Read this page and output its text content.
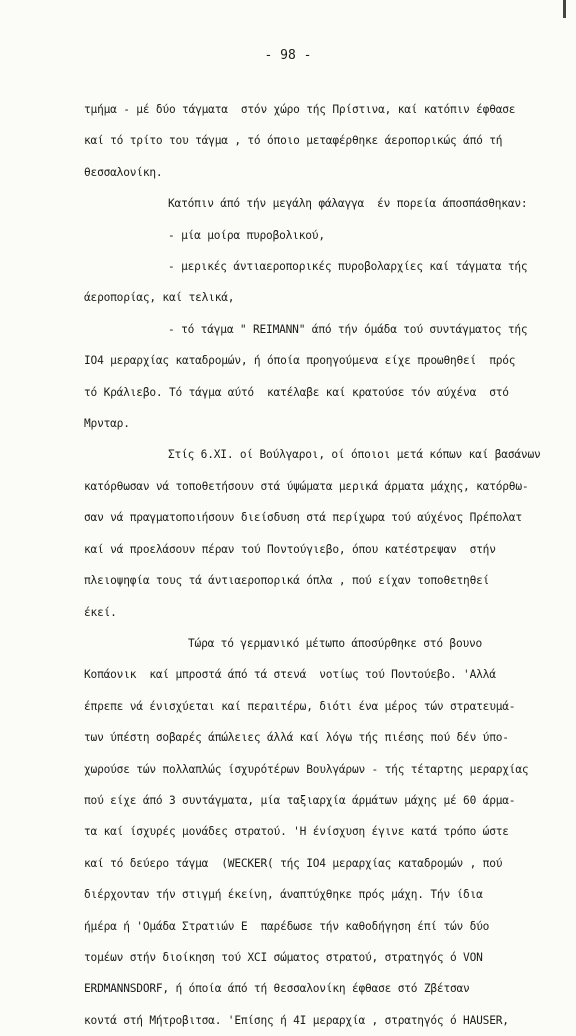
- 98 -
τμήμα - μέ δύο τάγματα  στόν χώρο τής Πρίστινα, καί κατόπιν έφθασε
καί τό τρίτο του τάγμα , τό όποιο μεταφέρθηκε άεροπορικώς άπό τή
θεσσαλονίκη.
Κατόπιν άπό τήν μεγάλη φάλαγγα  έν πορεία άποσπάσθηκαν:
- μία μοίρα πυροβολικού,
- μερικές άντιαεροπορικές πυροβολαρχίες καί τάγματα τής
άεροπορίας, καί τελικά,
- τό τάγμα " REIMANN" άπό τήν όμάδα τού συντάγματος τής
IO4 μεραρχίας καταδρομών, ή όποία προηγούμενα είχε προωθηθεί  πρός
τό Κράλιεβο. Τό τάγμα αύτό  κατέλαβε καί κρατούσε τόν αύχένα  στό
Μρνταρ.
Στίς 6.XI. οί Βούλγαροι, οί όποιοι μετά κόπων καί βασάνων
κατόρθωσαν νά τοποθετήσουν στά ύψώματα μερικά άρματα μάχης, κατόρθω-
σαν νά πραγματοποιήσουν διείσδυση στά περίχωρα τού αύχένος Πρέπολατ
καί νά προελάσουν πέραν τού Ποντούγιεβο, όπου κατέστρεψαν  στήν
πλειοψηφία τους τά άντιαεροπορικά όπλα , πού είχαν τοποθετηθεί
έκεί.
Τώρα τό γερμανικό μέτωπο άποσύρθηκε στό βουνο
Κοπάονικ  καί μπροστά άπό τά στενά  νοτίως τού Ποντούεβο. 'Αλλά
έπρεπε νά ένισχύεται καί περαιτέρω, διότι ένα μέρος τών στρατευμά-
των ύπέστη σοβαρές άπώλειες άλλά καί λόγω τής πιέσης πού δέν ύπο-
χωρούσε τών πολλαπλώς ίσχυρότέρων Βουλγάρων - τής τέταρτης μεραρχίας
πού είχε άπό 3 συντάγματα, μία ταξιαρχία άρμάτων μάχης μέ 60 άρμα-
τα καί ίσχυρές μονάδες στρατού. 'Η ένίσχυση έγινε κατά τρόπο ώστε
καί τό δεύερο τάγμα  (WECKER( τής IO4 μεραρχίας καταδρομών , πού
διέρχονταν τήν στιγμή έκείνη, άναπτύχθηκε πρός μάχη. Τήν ίδια
ήμέρα ή 'Ομάδα Στρατιών Ε  παρέδωσε τήν καθοδήγηση έπί τών δύο
τομέων στήν διοίκηση τού XCI σώματος στρατού, στρατηγός ό VON
ERDMANNSDORF, ή όποία άπό τή θεσσαλονίκη έφθασε στό Ζβέτσαν
κοντά στή Μήτροβιτσα. 'Επίσης ή 4Ι μεραρχία , στρατηγός ό HAUSER,
